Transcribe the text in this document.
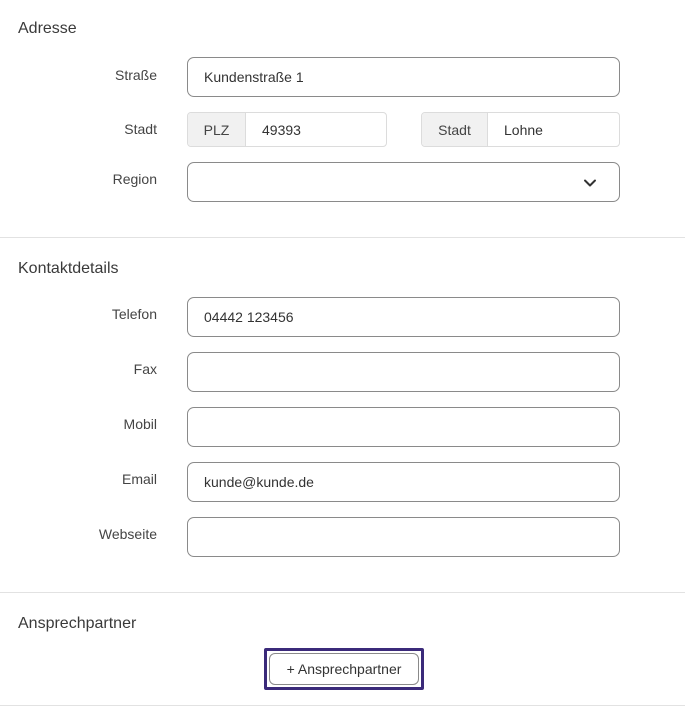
Adresse
Straße
Kundenstraße 1
Stadt	PLZ
49393	Stadt
Lohne
Region
Kontaktdetails
Telefon
04442 123456
Fax
Mobil
Email
kunde@kunde.de
Webseite
Ansprechpartner
+ Ansprechpartner
